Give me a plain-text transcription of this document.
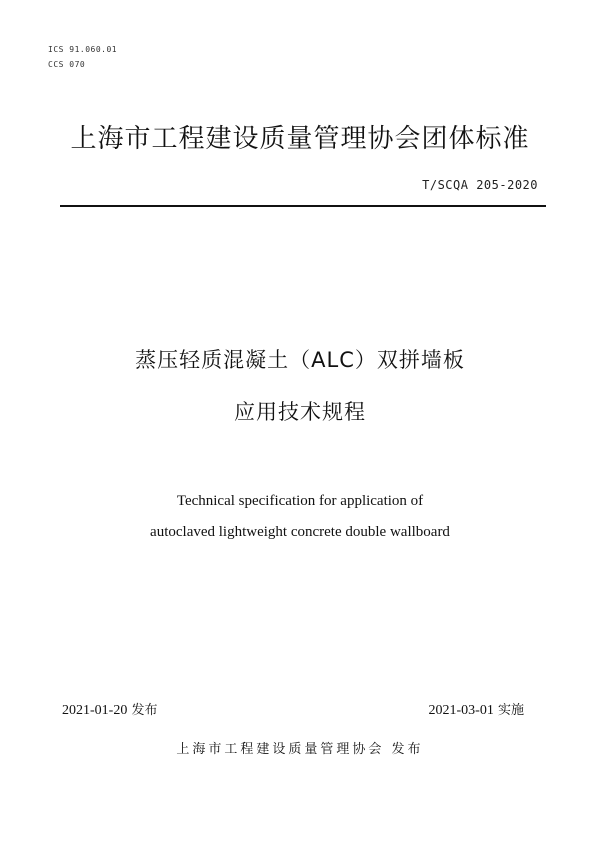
ICS 91.060.01
CCS 070
上海市工程建设质量管理协会团体标准
T/SCQA 205-2020
蒸压轻质混凝土（ALC）双拼墙板
应用技术规程
Technical specification for application of
autoclaved lightweight concrete double wallboard
2021-01-20 发布	2021-03-01 实施
上海市工程建设质量管理协会 发布
